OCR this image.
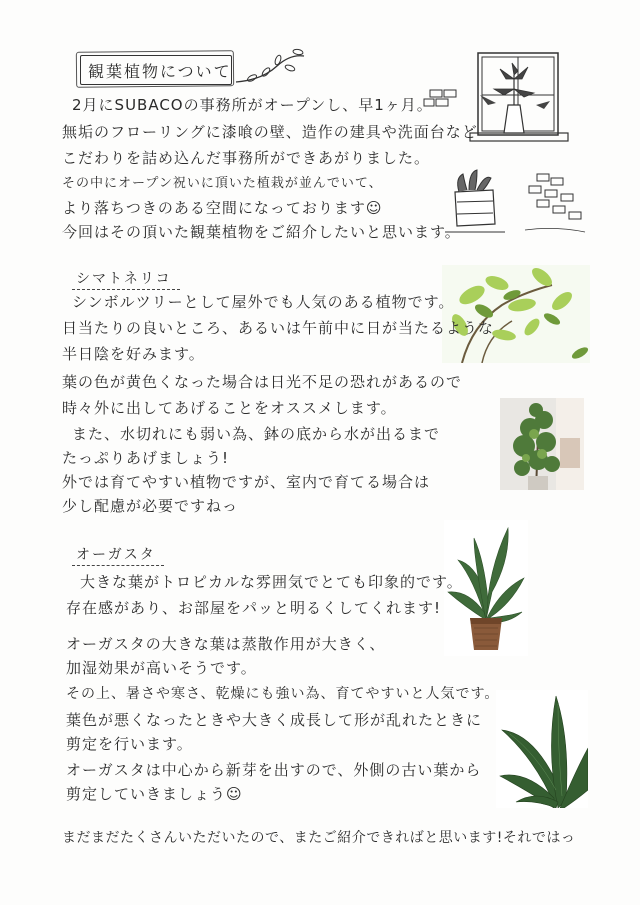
観葉植物について
2月にSUBACOの事務所がオープンし、早1ヶ月。
無垢のフローリングに漆喰の壁、造作の建具や洗面台など
こだわりを詰め込んだ事務所ができあがりました。
その中にオープン祝いに頂いた植栽が並んでいて、
より落ちつきのある空間になっております☺
今回はその頂いた観葉植物をご紹介したいと思います。
シマトネリコ
シンボルツリーとして屋外でも人気のある植物です。
日当たりの良いところ、あるいは午前中に日が当たるような
半日陰を好みます。
葉の色が黄色くなった場合は日光不足の恐れがあるので
時々外に出してあげることをオススメします。
また、水切れにも弱い為、鉢の底から水が出るまで
たっぷりあげましょう!
外では育てやすい植物ですが、室内で育てる場合は
少し配慮が必要ですねっ
オーガスタ
大きな葉がトロピカルな雰囲気でとても印象的です。
存在感があり、お部屋をパッと明るくしてくれます!
オーガスタの大きな葉は蒸散作用が大きく、
加湿効果が高いそうです。
その上、暑さや寒さ、乾燥にも強い為、育てやすいと人気です。
葉色が悪くなったときや大きく成長して形が乱れたときに
剪定を行います。
オーガスタは中心から新芽を出すので、外側の古い葉から
剪定していきましょう☺
まだまだたくさんいただいたので、またご紹介できればと思います!それではっ
